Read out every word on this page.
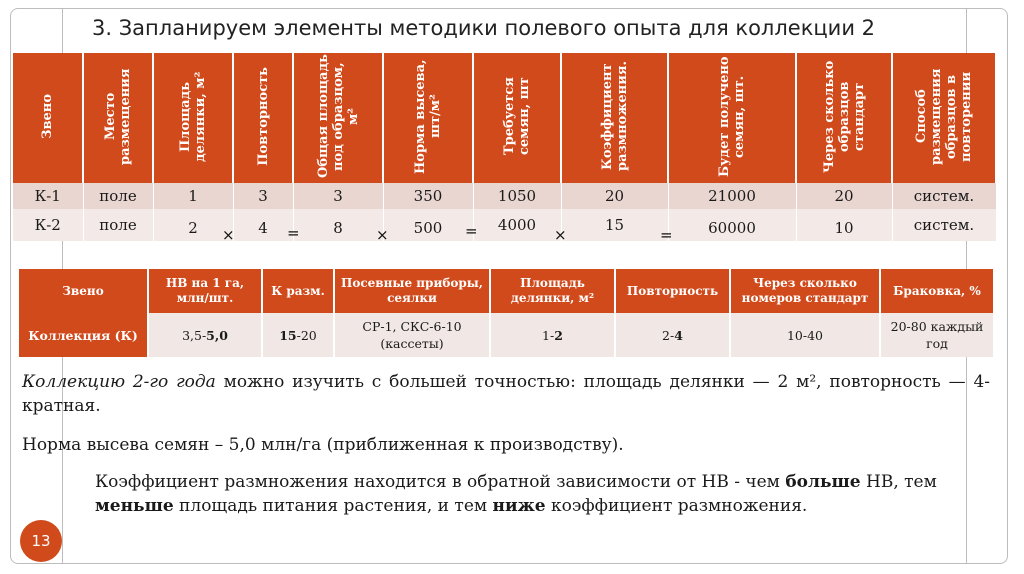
3. Запланируем элементы методики полевого опыта для коллекции 2
Звено	Место размещения	Площадь делянки, м²	Повторность	Общая площадь под образцом, м²	Норма высева, шт/м²	Требуется семян, шт	Коэффициент размножения.	Будет получено семян, шт.	Через сколько образцов стандарт	Способ размещения образцов в повторении
К-1	поле	1	3	3	350	1050	20	21000	20	систем.
К-2	поле	2	4	8	500	4000	15	60000	10	систем.
×	=	×	=	×	=
Звено	НВ на 1 га, млн/шт.	К разм.	Посевные приборы, сеялки	Площадь делянки, м²	Повторность	Через сколько номеров стандарт	Браковка, %
Коллекция (К)	3,5-5,0	15-20	СР-1, СКС-6-10 (кассеты)	1-2	2-4	10-40	20-80 каждый год
Коллекцию 2-го года можно изучить с большей точностью: площадь делянки — 2 м², повторность — 4-кратная.
Норма высева семян – 5,0 млн/га (приближенная к производству).
Коэффициент размножения находится в обратной зависимости от НВ - чем больше НВ, тем меньше площадь питания растения, и тем ниже коэффициент размножения.
13
